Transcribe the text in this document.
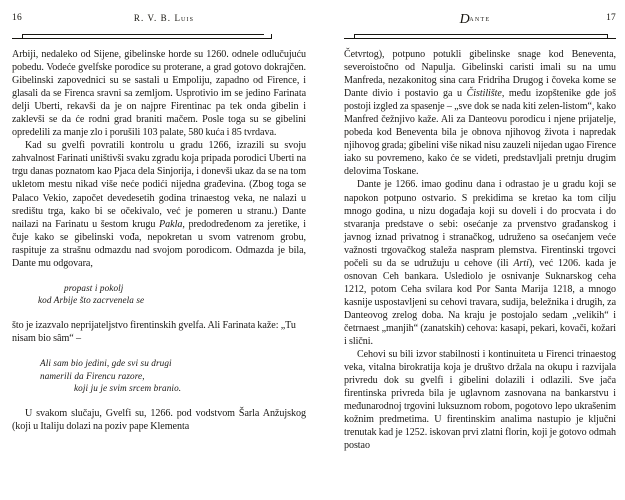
16	R. V. B. Luis

Arbiji, nedaleko od Sijene, gibelinske horde su 1260. odnele odlučujuću pobedu. Vodeće gvelfske porodice su proterane, a grad gotovo dokrajčen. Gibelinski zapovednici su se sastali u Empoliju, zapadno od Firence, i glasali da se Firenca sravni sa zemljom. Usprotivio im se jedino Farinata delji Uberti, rekavši da je on najpre Firentinac pa tek onda gibelin i zaklevši se da će rodni grad braniti mačem. Posle toga su se gibelini opredelili za manje zlo i porušili 103 palate, 580 kuća i 85 tvrdava.

Kad su gvelfi povratili kontrolu u gradu 1266, izrazili su svoju zahvalnost Farinati uništivši svaku zgradu koja pripada porodici Uberti na trgu danas poznatom kao Pjaca dela Sinjorija, i donevši ukaz da se na tom ukletom mestu nikad više neće podići nijedna građevina. (Zbog toga se Palaco Vekio, započet devedesetih godina trinaestog veka, ne nalazi u središtu trga, kako bi se očekivalo, već je pomeren u stranu.) Dante nailazi na Farinatu u šestom krugu Pakla, predodređenom za jeretike, i čuje kako se gibelinski vođa, nepokretan u svom vatrenom grobu, raspituje za strašnu odmazdu nad svojom porodicom. Odmazda je bila, Dante mu odgovara,

propast i pokolj
kod Arbije što zacrvenela se

što je izazvalo neprijateljstvo firentinskih gvelfa. Ali Farinata kaže: „Tu nisam bio sâm“ –

Ali sam bio jedini, gde svi su drugi
namerili da Firencu razore,
koji ju je svim srcem branio.

U svakom slučaju, Gvelfi su, 1266. pod vodstvom Šarla Anžujskog (koji u Italiju dolazi na poziv pape Klementa

Dante	17

Četvrtog), potpuno potukli gibelinske snage kod Beneventa, severoistočno od Napulja. Gibelinski caristi imali su na umu Manfreda, nezakonitog sina cara Fridriha Drugog i čoveka kome se Dante divio i postavio ga u Čistilište, među izopštenike gde još postoji izgled za spasenje – „sve dok se nada kiti zelen-listom“, kako Manfred čežnjivo kaže. Ali za Danteovu porodicu i njene prijatelje, pobeda kod Beneventa bila je obnova njihovog života i napredak njihovog grada; gibelini više nikad nisu zauzeli nijedan ugao Firence iako su povremeno, kako će se videti, predstavljali pretnju drugim delovima Toskane.

Dante je 1266. imao godinu dana i odrastao je u gradu koji se napokon potpuno ostvario. S prekidima se kretao ka tom cilju mnogo godina, u nizu događaja koji su doveli i do procvata i do stvaranja predstave o sebi: osećanje za prvenstvo građanskog i javnog iznad privatnog i stranačkog, udruženo sa osećanjem veće važnosti trgovačkog staleža naspram plemstva. Firentinski trgovci počeli su da se udružuju u cehove (ili Arti), već 1206. kada je osnovan Ceh bankara. Uslediolo je osnivanje Suknarskog ceha 1212, potom Ceha svilara kod Por Santa Marija 1218, a mnogo kasnije uspostavljeni su cehovi travara, sudija, beležnika i drugih, za Danteovog zrelog doba. Na kraju je postojalo sedam „velikih“ i četrnaest „manjih“ (zanatskih) cehova: kasapi, pekari, kovači, kožari i slični.

Cehovi su bili izvor stabilnosti i kontinuiteta u Firenci trinaestog veka, vitalna birokratija koja je društvo držala na okupu i razvijala privredu dok su gvelfi i gibelini dolazili i odlazili. Sve jača firentinska privreda bila je uglavnom zasnovana na bankarstvu i međunarodnoj trgovini luksuznom robom, pogotovo lepo ukrašenim kožnim predmetima. U firentinskim analima nastupio je ključni trenutak kad je 1252. iskovan prvi zlatni florin, koji je gotovo odmah postao
